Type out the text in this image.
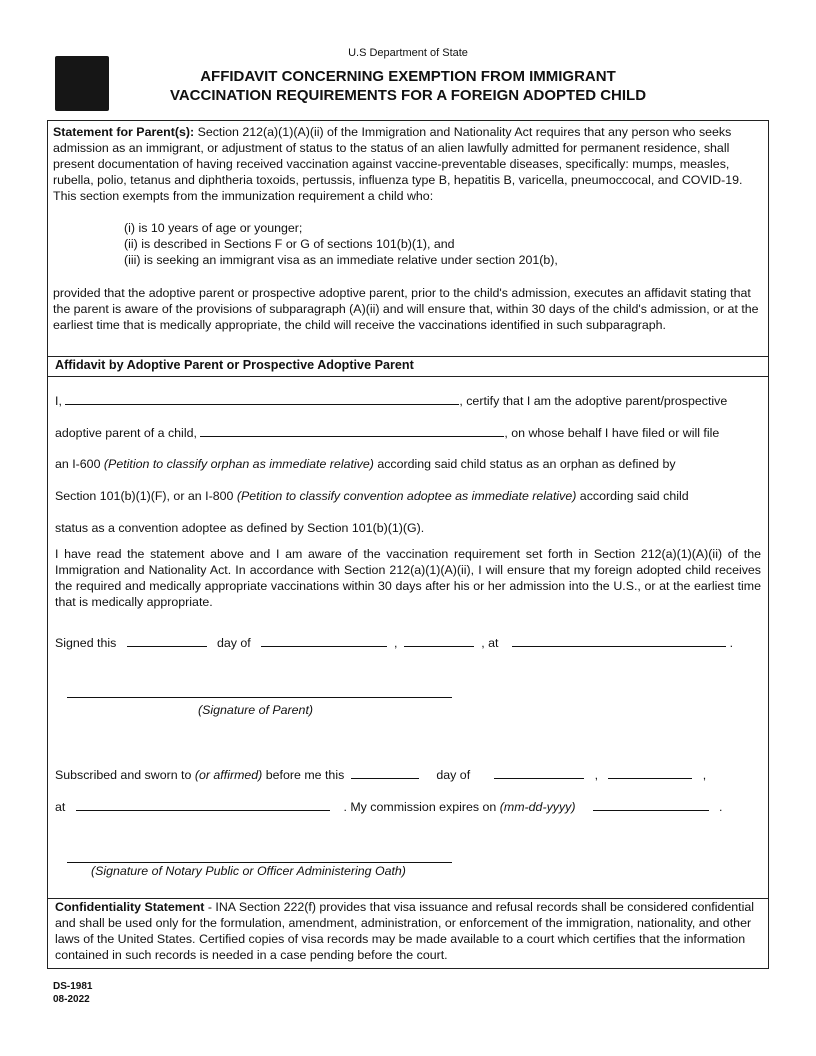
U.S Department of State
AFFIDAVIT CONCERNING EXEMPTION FROM IMMIGRANT
VACCINATION REQUIREMENTS FOR A FOREIGN ADOPTED CHILD
Statement for Parent(s): Section 212(a)(1)(A)(ii) of the Immigration and Nationality Act requires that any person who seeks admission as an immigrant, or adjustment of status to the status of an alien lawfully admitted for permanent residence, shall present documentation of having received vaccination against vaccine-preventable diseases, specifically: mumps, measles, rubella, polio, tetanus and diphtheria toxoids, pertussis, influenza type B, hepatitis B, varicella, pneumoccocal, and COVID-19. This section exempts from the immunization requirement a child who:
(i) is 10 years of age or younger;
(ii) is described in Sections F or G of sections 101(b)(1), and
(iii) is seeking an immigrant visa as an immediate relative under section 201(b),
provided that the adoptive parent or prospective adoptive parent, prior to the child's admission, executes an affidavit stating that the parent is aware of the provisions of subparagraph (A)(ii) and will ensure that, within 30 days of the child's admission, or at the earliest time that is medically appropriate, the child will receive the vaccinations identified in such subparagraph.
Affidavit by Adoptive Parent or Prospective Adoptive Parent
I,	, certify that I am the adoptive parent/prospective
adoptive parent of a child,	, on whose behalf I have filed or will file
an I-600 (Petition to classify orphan as immediate relative) according said child status as an orphan as defined by
Section 101(b)(1)(F), or an I-800 (Petition to classify convention adoptee as immediate relative) according said child
status as a convention adoptee as defined by Section 101(b)(1)(G).
I have read the statement above and I am aware of the vaccination requirement set forth in Section 212(a)(1)(A)(ii) of the Immigration and Nationality Act. In accordance with Section 212(a)(1)(A)(ii), I will ensure that my foreign adopted child receives the required and medically appropriate vaccinations within 30 days after his or her admission into the U.S., or at the earliest time that is medically appropriate.
Signed this	day of	,	, at	.
(Signature of Parent)
Subscribed and sworn to (or affirmed) before me this	day of	,	,
at	. My commission expires on (mm-dd-yyyy)	.
(Signature of Notary Public or Officer Administering Oath)
Confidentiality Statement - INA Section 222(f) provides that visa issuance and refusal records shall be considered confidential and shall be used only for the formulation, amendment, administration, or enforcement of the immigration, nationality, and other laws of the United States. Certified copies of visa records may be made available to a court which certifies that the information contained in such records is needed in a case pending before the court.
DS-1981
08-2022
